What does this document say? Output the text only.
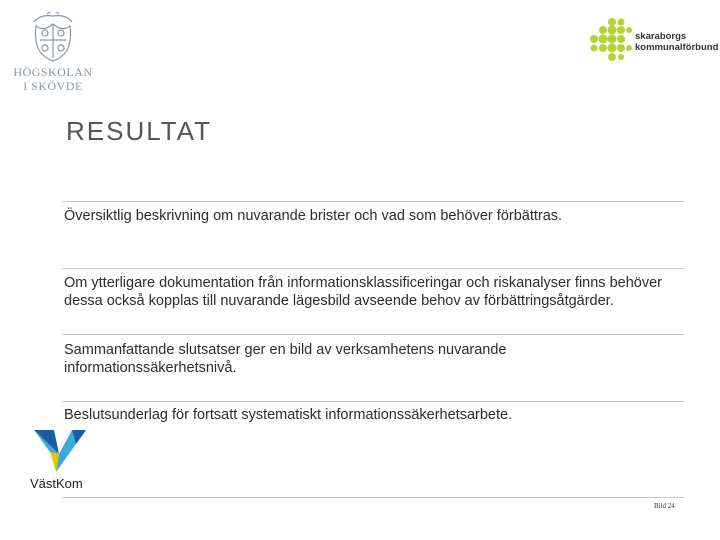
HÖGSKOLAN
I SKÖVDE
skaraborgs
kommunalförbund
RESULTAT
Översiktlig beskrivning om nuvarande brister och vad som behöver förbättras.
Om ytterligare dokumentation från informationsklassificeringar och riskanalyser finns behöver dessa också kopplas till nuvarande lägesbild avseende behov av förbättringsåtgärder.
Sammanfattande slutsatser ger en bild av verksamhetens nuvarande informationssäkerhetsnivå.
Beslutsunderlag för fortsatt systematiskt informationssäkerhetsarbete.
VästKom
Bild 24
